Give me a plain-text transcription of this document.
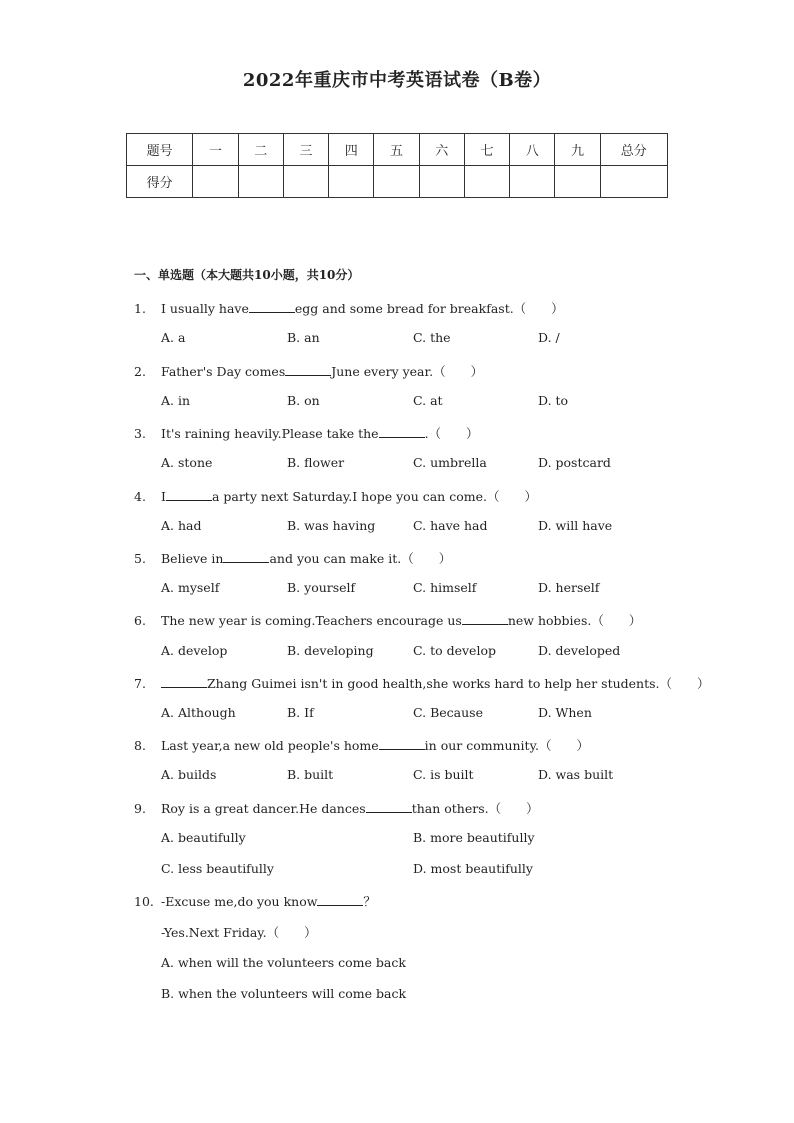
2022年重庆市中考英语试卷（B卷）
题号	一	二	三	四	五	六	七	八	九	总分
得分										
一、单选题（本大题共10小题，共10分）
1. I usually have	egg and some bread for breakfast.（　　）
A. a	B. an	C. the	D. /
2. Father's Day comes	June every year.（　　）
A. in	B. on	C. at	D. to
3. It's raining heavily.Please take the	.（　　）
A. stone	B. flower	C. umbrella	D. postcard
4. I	a party next Saturday.I hope you can come.（　　）
A. had	B. was having	C. have had	D. will have
5. Believe in	and you can make it.（　　）
A. myself	B. yourself	C. himself	D. herself
6. The new year is coming.Teachers encourage us	new hobbies.（　　）
A. develop	B. developing	C. to develop	D. developed
7.	Zhang Guimei isn't in good health,she works hard to help her students.（　　）
A. Although	B. If	C. Because	D. When
8. Last year,a new old people's home	in our community.（　　）
A. builds	B. built	C. is built	D. was built
9. Roy is a great dancer.He dances	than others.（　　）
A. beautifully	B. more beautifully
C. less beautifully	D. most beautifully
10. -Excuse me,do you know	？
-Yes.Next Friday.（　　）
A. when will the volunteers come back
B. when the volunteers will come back
